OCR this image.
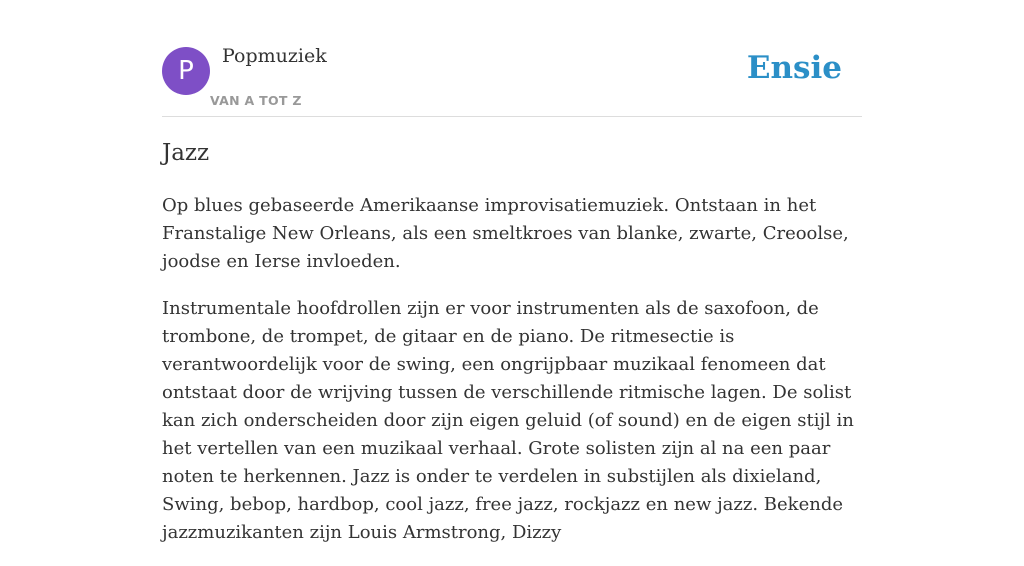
P	Popmuziek
VAN A TOT Z
Ensie
Jazz

Op blues gebaseerde Amerikaanse improvisatiemuziek. Ontstaan in het Franstalige New Orleans, als een smeltkroes van blanke, zwarte, Creoolse, joodse en Ierse invloeden.

Instrumentale hoofdrollen zijn er voor instrumenten als de saxofoon, de trombone, de trompet, de gitaar en de piano. De ritmesectie is verantwoordelijk voor de swing, een ongrijpbaar muzikaal fenomeen dat ontstaat door de wrijving tussen de verschillende ritmische lagen. De solist kan zich onderscheiden door zijn eigen geluid (of sound) en de eigen stijl in het vertellen van een muzikaal verhaal. Grote solisten zijn al na een paar noten te herkennen. Jazz is onder te verdelen in substijlen als dixieland, Swing, bebop, hardbop, cool jazz, free jazz, rockjazz en new jazz. Bekende jazzmuzikanten zijn Louis Armstrong, Dizzy
